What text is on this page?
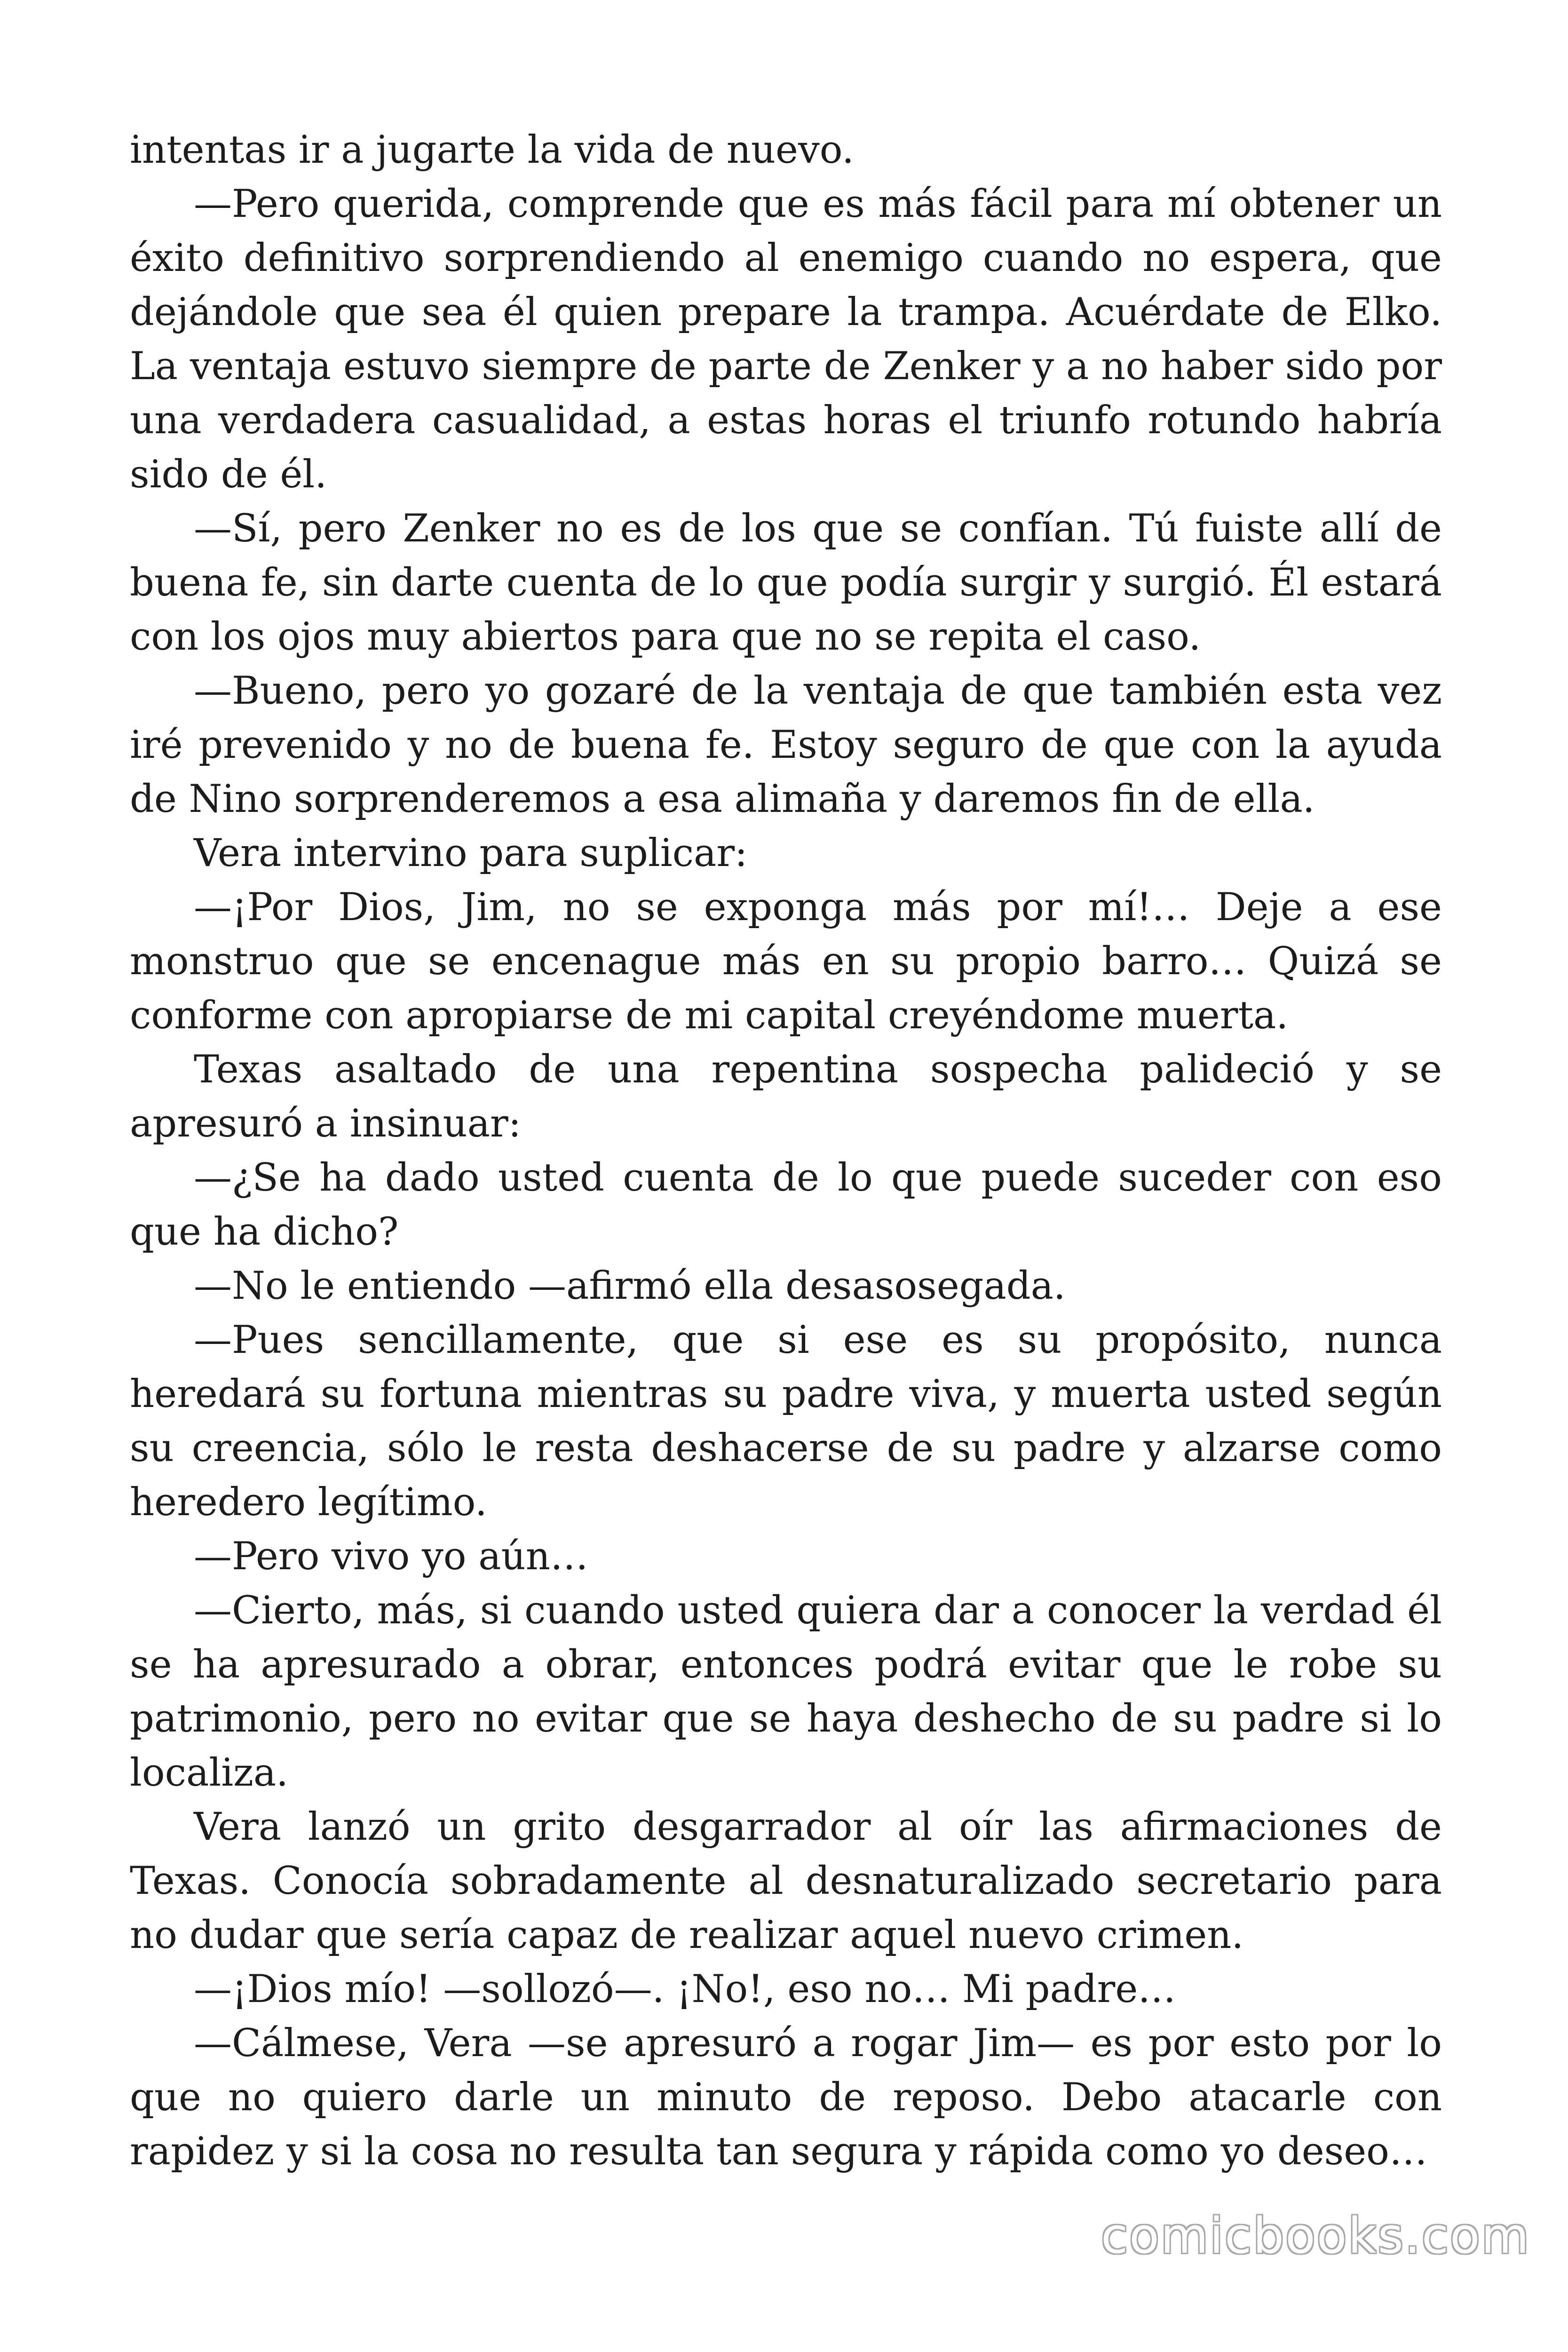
intentas ir a jugarte la vida de nuevo.

—Pero querida, comprende que es más fácil para mí obtener un éxito definitivo sorprendiendo al enemigo cuando no espera, que dejándole que sea él quien prepare la trampa. Acuérdate de Elko. La ventaja estuvo siempre de parte de Zenker y a no haber sido por una verdadera casualidad, a estas horas el triunfo rotundo habría sido de él.

—Sí, pero Zenker no es de los que se confían. Tú fuiste allí de buena fe, sin darte cuenta de lo que podía surgir y surgió. Él estará con los ojos muy abiertos para que no se repita el caso.

—Bueno, pero yo gozaré de la ventaja de que también esta vez iré prevenido y no de buena fe. Estoy seguro de que con la ayuda de Nino sorprenderemos a esa alimaña y daremos fin de ella.

Vera intervino para suplicar:

—¡Por Dios, Jim, no se exponga más por mí!… Deje a ese monstruo que se encenague más en su propio barro… Quizá se conforme con apropiarse de mi capital creyéndome muerta.

Texas asaltado de una repentina sospecha palideció y se apresuró a insinuar:

—¿Se ha dado usted cuenta de lo que puede suceder con eso que ha dicho?

—No le entiendo —afirmó ella desasosegada.

—Pues sencillamente, que si ese es su propósito, nunca heredará su fortuna mientras su padre viva, y muerta usted según su creencia, sólo le resta deshacerse de su padre y alzarse como heredero legítimo.

—Pero vivo yo aún…

—Cierto, más, si cuando usted quiera dar a conocer la verdad él se ha apresurado a obrar, entonces podrá evitar que le robe su patrimonio, pero no evitar que se haya deshecho de su padre si lo localiza.

Vera lanzó un grito desgarrador al oír las afirmaciones de Texas. Conocía sobradamente al desnaturalizado secretario para no dudar que sería capaz de realizar aquel nuevo crimen.

—¡Dios mío! —sollozó—. ¡No!, eso no… Mi padre…

—Cálmese, Vera —se apresuró a rogar Jim— es por esto por lo que no quiero darle un minuto de reposo. Debo atacarle con rapidez y si la cosa no resulta tan segura y rápida como yo deseo…

comicbooks.com
